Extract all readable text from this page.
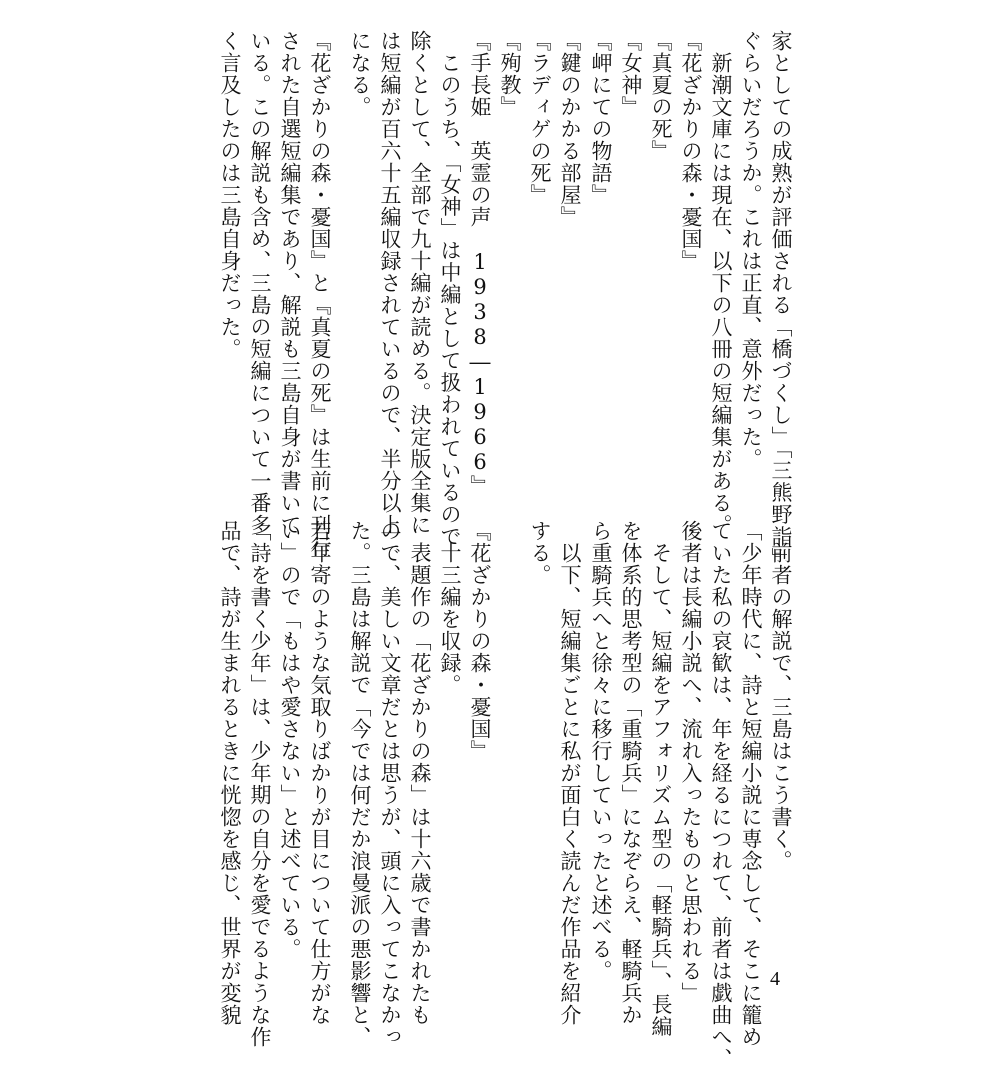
家としての成熟が評価される「橋づくし」「三熊野詣」
ぐらいだろうか。これは正直、意外だった。
　新潮文庫には現在、以下の八冊の短編集がある。
『花ざかりの森・憂国』
『真夏の死』
『女神』
『岬にての物語』
『鍵のかかる部屋』
『ラディゲの死』
『殉教』
『手長姫　英霊の声　1938―1966』
　このうち、「女神」は中編として扱われているので
除くとして、全部で九十編が読める。決定版全集に
は短編が百六十五編収録されているので、半分以上
になる。
『花ざかりの森・憂国』と『真夏の死』は生前に刊行
された自選短編集であり、解説も三島自身が書いて
いる。この解説も含め、三島の短編について一番多
く言及したのは三島自身だった。
　前者の解説で、三島はこう書く。
「少年時代に、詩と短編小説に専念して、そこに籠め
ていた私の哀歓は、年を経るにつれて、前者は戯曲へ、
後者は長編小説へ、流れ入ったものと思われる」
　そして、短編をアフォリズム型の「軽騎兵」、長編
を体系的思考型の「重騎兵」になぞらえ、軽騎兵か
ら重騎兵へと徐々に移行していったと述べる。
　以下、短編集ごとに私が面白く読んだ作品を紹介
する。
『花ざかりの森・憂国』
　十三編を収録。
　表題作の「花ざかりの森」は十六歳で書かれたも
ので、美しい文章だとは思うが、頭に入ってこなかっ
た。三島は解説で「今では何だか浪曼派の悪影響と、
若年寄のような気取りばかりが目について仕方がな
い」ので「もはや愛さない」と述べている。
「詩を書く少年」は、少年期の自分を愛でるような作
品で、詩が生まれるときに恍惚を感じ、世界が変貌	4
